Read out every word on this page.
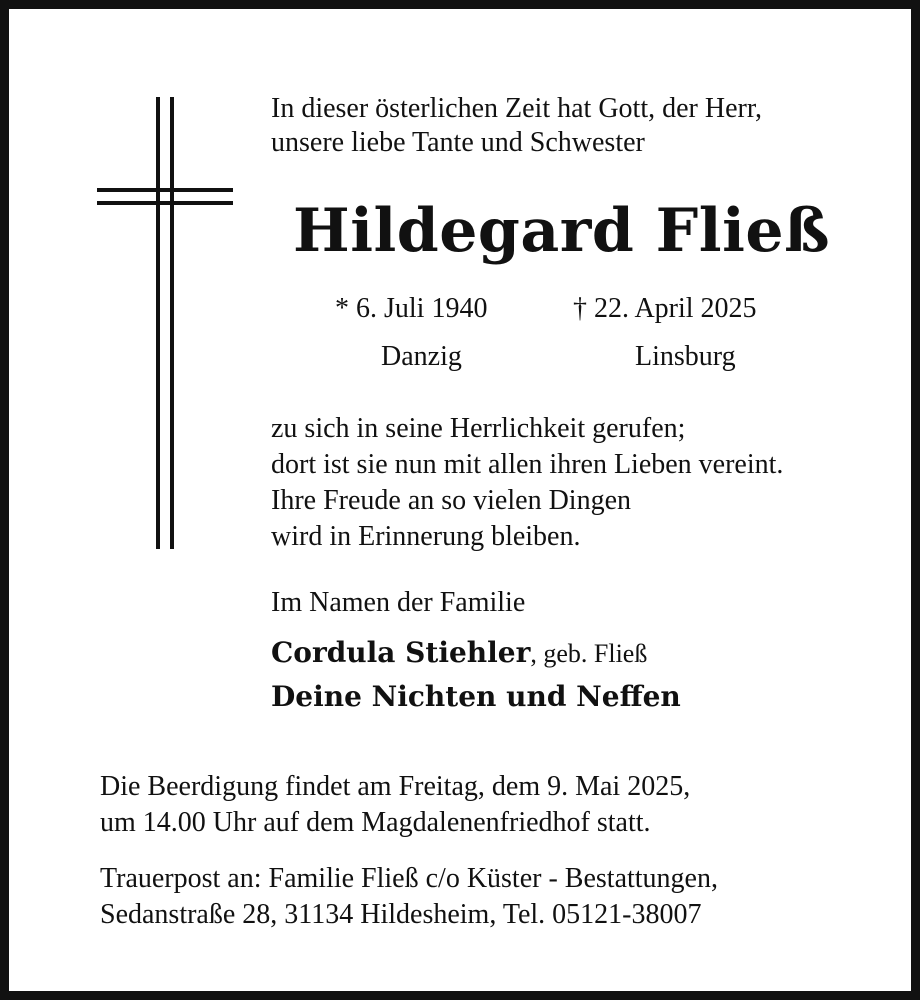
In dieser österlichen Zeit hat Gott, der Herr,
unsere liebe Tante und Schwester
Hildegard Fließ
* 6. Juli 1940	† 22. April 2025
Danzig	Linsburg
zu sich in seine Herrlichkeit gerufen;
dort ist sie nun mit allen ihren Lieben vereint.
Ihre Freude an so vielen Dingen
wird in Erinnerung bleiben.
Im Namen der Familie
Cordula Stiehler, geb. Fließ
Deine Nichten und Neffen
Die Beerdigung findet am Freitag, dem 9. Mai 2025,
um 14.00 Uhr auf dem Magdalenenfriedhof statt.
Trauerpost an: Familie Fließ c/o Küster - Bestattungen,
Sedanstraße 28, 31134 Hildesheim, Tel. 05121-38007
